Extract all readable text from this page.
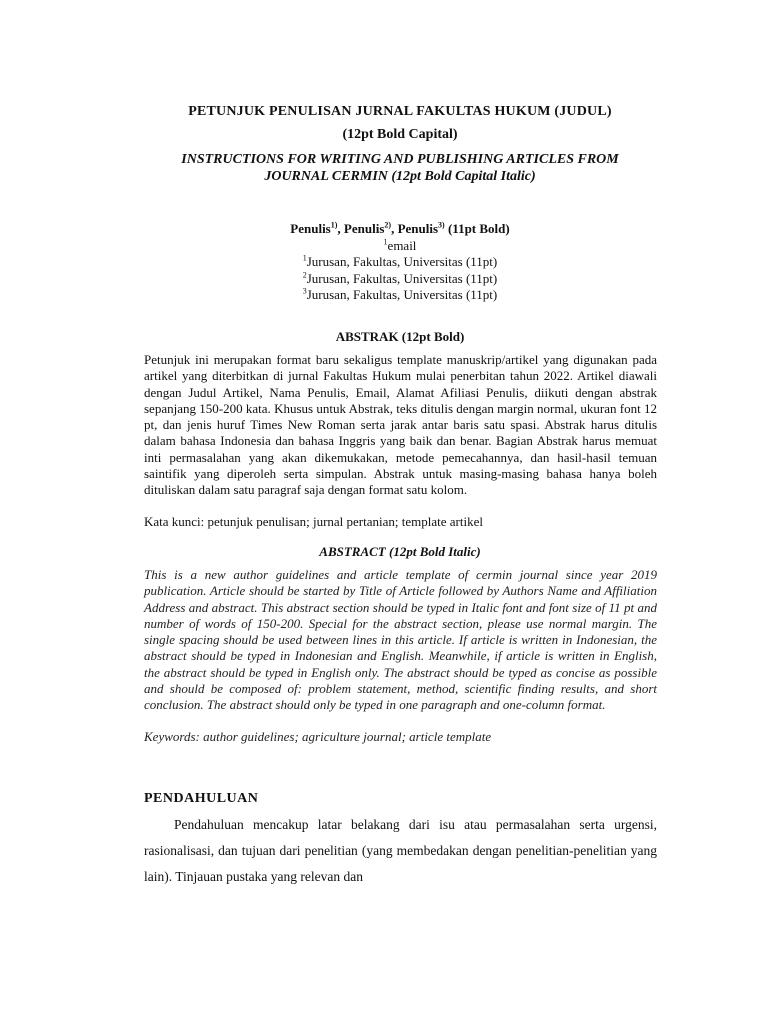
PETUNJUK PENULISAN JURNAL FAKULTAS HUKUM (JUDUL)
(12pt Bold Capital)
INSTRUCTIONS FOR WRITING AND PUBLISHING ARTICLES FROM
JOURNAL CERMIN (12pt Bold Capital Italic)
Penulis$^{1)}$, Penulis$^{2)}$, Penulis$^{3)}$ (11pt Bold)
$^1$email
$^1$Jurusan, Fakultas, Universitas (11pt)
$^2$Jurusan, Fakultas, Universitas (11pt)
$^3$Jurusan, Fakultas, Universitas (11pt)
ABSTRAK (12pt Bold)
Petunjuk ini merupakan format baru sekaligus template manuskrip/artikel yang digunakan pada artikel yang diterbitkan di jurnal Fakultas Hukum mulai penerbitan tahun 2022. Artikel diawali dengan Judul Artikel, Nama Penulis, Email, Alamat Afiliasi Penulis, diikuti dengan abstrak sepanjang 150-200 kata. Khusus untuk Abstrak, teks ditulis dengan margin normal, ukuran font 12 pt, dan jenis huruf Times New Roman serta jarak antar baris satu spasi. Abstrak harus ditulis dalam bahasa Indonesia dan bahasa Inggris yang baik dan benar. Bagian Abstrak harus memuat inti permasalahan yang akan dikemukakan, metode pemecahannya, dan hasil-hasil temuan saintifik yang diperoleh serta simpulan. Abstrak untuk masing-masing bahasa hanya boleh dituliskan dalam satu paragraf saja dengan format satu kolom.
Kata kunci: petunjuk penulisan; jurnal pertanian; template artikel
ABSTRACT (12pt Bold Italic)
This is a new author guidelines and article template of cermin journal since year 2019 publication. Article should be started by Title of Article followed by Authors Name and Affiliation Address and abstract. This abstract section should be typed in Italic font and font size of 11 pt and number of words of 150-200. Special for the abstract section, please use normal margin. The single spacing should be used between lines in this article. If article is written in Indonesian, the abstract should be typed in Indonesian and English. Meanwhile, if article is written in English, the abstract should be typed in English only. The abstract should be typed as concise as possible and should be composed of: problem statement, method, scientific finding results, and short conclusion. The abstract should only be typed in one paragraph and one-column format.
Keywords: author guidelines; agriculture journal; article template
PENDAHULUAN
Pendahuluan mencakup latar belakang dari isu atau permasalahan serta urgensi, rasionalisasi, dan tujuan dari penelitian (yang membedakan dengan penelitian-penelitian yang lain). Tinjauan pustaka yang relevan dan
